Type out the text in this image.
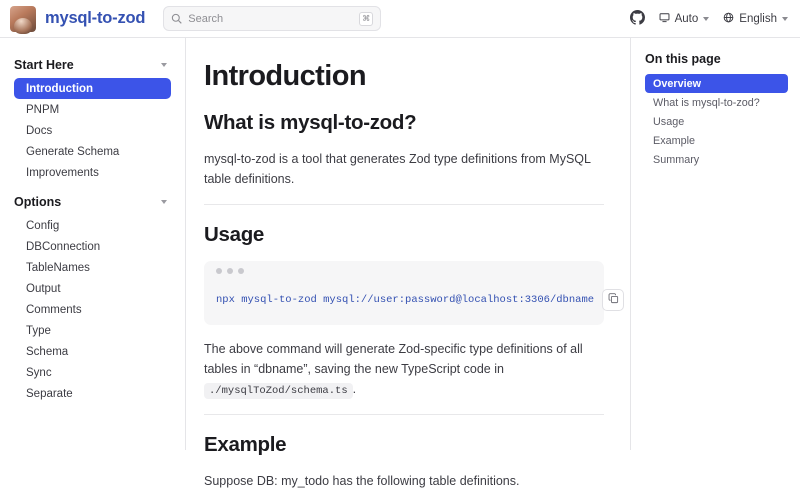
mysql-to-zod	Search	⌘	Auto	English
Start Here
Introduction
PNPM
Docs
Generate Schema
Improvements
Options
Config
DBConnection
TableNames
Output
Comments
Type
Schema
Sync
Separate
Introduction
What is mysql-to-zod?

mysql-to-zod is a tool that generates Zod type definitions from MySQL table definitions.

Usage
npx mysql-to-zod mysql://user:password@localhost:3306/dbname

The above command will generate Zod-specific type definitions of all tables in “dbname”, saving the new TypeScript code in ./mysqlToZod/schema.ts .

Example

Suppose DB: my_todo has the following table definitions.

On this page
Overview
What is mysql-to-zod?
Usage
Example
Summary
